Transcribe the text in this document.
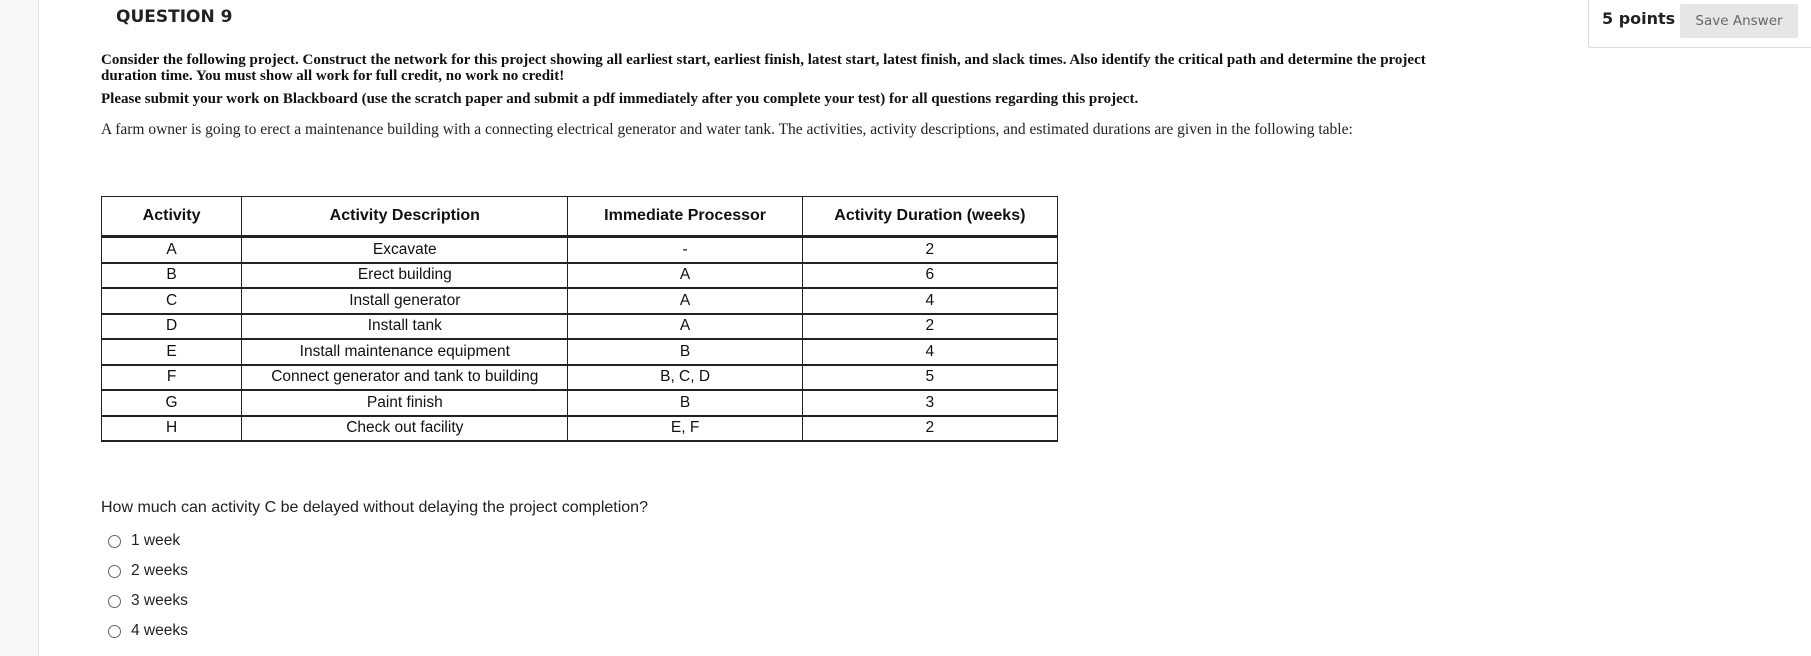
QUESTION 9	5 points	Save Answer
Consider the following project. Construct the network for this project showing all earliest start, earliest finish, latest start, latest finish, and slack times. Also identify the critical path and determine the project duration time. You must show all work for full credit, no work no credit!
Please submit your work on Blackboard (use the scratch paper and submit a pdf immediately after you complete your test) for all questions regarding this project.
A farm owner is going to erect a maintenance building with a connecting electrical generator and water tank. The activities, activity descriptions, and estimated durations are given in the following table:
Activity	Activity Description	Immediate Processor	Activity Duration (weeks)
A	Excavate	-	2
B	Erect building	A	6
C	Install generator	A	4
D	Install tank	A	2
E	Install maintenance equipment	B	4
F	Connect generator and tank to building	B, C, D	5
G	Paint finish	B	3
H	Check out facility	E, F	2
How much can activity C be delayed without delaying the project completion?
1 week
2 weeks
3 weeks
4 weeks
